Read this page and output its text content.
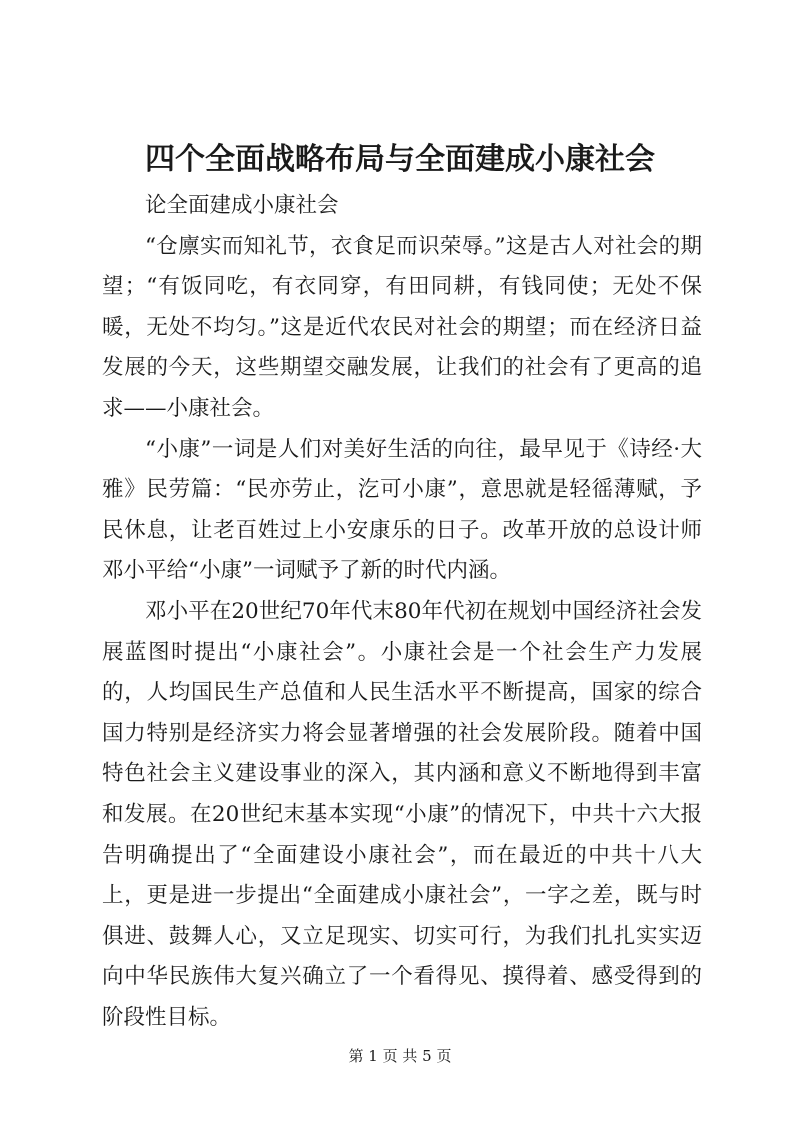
四个全面战略布局与全面建成小康社会

论全面建成小康社会

“仓廪实而知礼节，衣食足而识荣辱。”这是古人对社会的期望；“有饭同吃，有衣同穿，有田同耕，有钱同使；无处不保暖，无处不均匀。”这是近代农民对社会的期望；而在经济日益发展的今天，这些期望交融发展，让我们的社会有了更高的追求——小康社会。

“小康”一词是人们对美好生活的向往，最早见于《诗经·大雅》民劳篇：“民亦劳止，汔可小康”，意思就是轻徭薄赋，予民休息，让老百姓过上小安康乐的日子。改革开放的总设计师邓小平给“小康”一词赋予了新的时代内涵。

邓小平在20世纪70年代末80年代初在规划中国经济社会发展蓝图时提出“小康社会”。小康社会是一个社会生产力发展的，人均国民生产总值和人民生活水平不断提高，国家的综合国力特别是经济实力将会显著增强的社会发展阶段。随着中国特色社会主义建设事业的深入，其内涵和意义不断地得到丰富和发展。在20世纪末基本实现“小康”的情况下，中共十六大报告明确提出了“全面建设小康社会”，而在最近的中共十八大上，更是进一步提出“全面建成小康社会”，一字之差，既与时俱进、鼓舞人心，又立足现实、切实可行，为我们扎扎实实迈向中华民族伟大复兴确立了一个看得见、摸得着、感受得到的阶段性目标。

第 1 页 共 5 页
